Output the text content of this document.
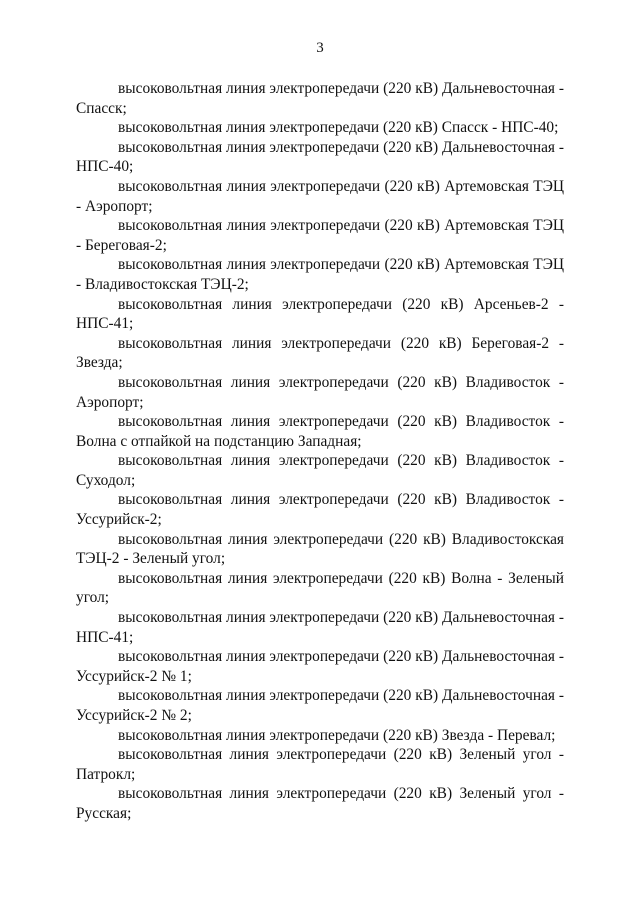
3

высоковольтная линия электропередачи (220 кВ) Дальневосточная - Спасск;

высоковольтная линия электропередачи (220 кВ) Спасск - НПС-40;

высоковольтная линия электропередачи (220 кВ) Дальневосточная - НПС-40;

высоковольтная линия электропередачи (220 кВ) Артемовская ТЭЦ - Аэропорт;

высоковольтная линия электропередачи (220 кВ) Артемовская ТЭЦ - Береговая-2;

высоковольтная линия электропередачи (220 кВ) Артемовская ТЭЦ - Владивостокская ТЭЦ-2;

высоковольтная линия электропередачи (220 кВ) Арсеньев-2 - НПС-41;

высоковольтная линия электропередачи (220 кВ) Береговая-2 - Звезда;

высоковольтная линия электропередачи (220 кВ) Владивосток - Аэропорт;

высоковольтная линия электропередачи (220 кВ) Владивосток - Волна с отпайкой на подстанцию Западная;

высоковольтная линия электропередачи (220 кВ) Владивосток - Суходол;

высоковольтная линия электропередачи (220 кВ) Владивосток - Уссурийск-2;

высоковольтная линия электропередачи (220 кВ) Владивостокская ТЭЦ-2 - Зеленый угол;

высоковольтная линия электропередачи (220 кВ) Волна - Зеленый угол;

высоковольтная линия электропередачи (220 кВ) Дальневосточная - НПС-41;

высоковольтная линия электропередачи (220 кВ) Дальневосточная - Уссурийск-2 № 1;

высоковольтная линия электропередачи (220 кВ) Дальневосточная - Уссурийск-2 № 2;

высоковольтная линия электропередачи (220 кВ) Звезда - Перевал;

высоковольтная линия электропередачи (220 кВ) Зеленый угол - Патрокл;

высоковольтная линия электропередачи (220 кВ) Зеленый угол - Русская;
